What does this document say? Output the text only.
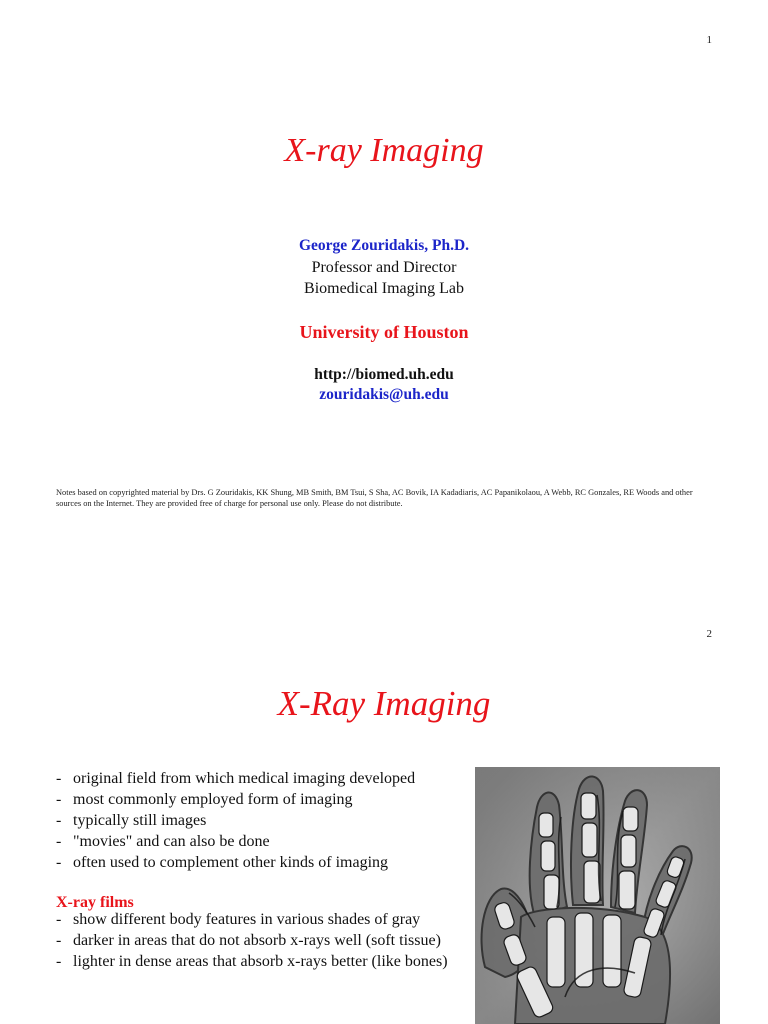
1
X-ray Imaging
George Zouridakis, Ph.D.
Professor and Director
Biomedical Imaging Lab
University of Houston
http://biomed.uh.edu
zouridakis@uh.edu
Notes based on copyrighted material by Drs. G Zouridakis, KK Shung, MB Smith, BM Tsui, S Sha, AC Bovik, IA Kadadiaris, AC Papanikolaou, A Webb, RC Gonzales, RE Woods and other sources on the Internet. They are provided free of charge for personal use only. Please do not distribute.
2
X-Ray Imaging
- original field from which medical imaging developed
- most commonly employed form of imaging
- typically still images
- "movies" and can also be done
- often used to complement other kinds of imaging
X-ray films
- show different body features in various shades of gray
- darker in areas that do not absorb x-rays well (soft tissue)
- lighter in dense areas that absorb x-rays better (like bones)
